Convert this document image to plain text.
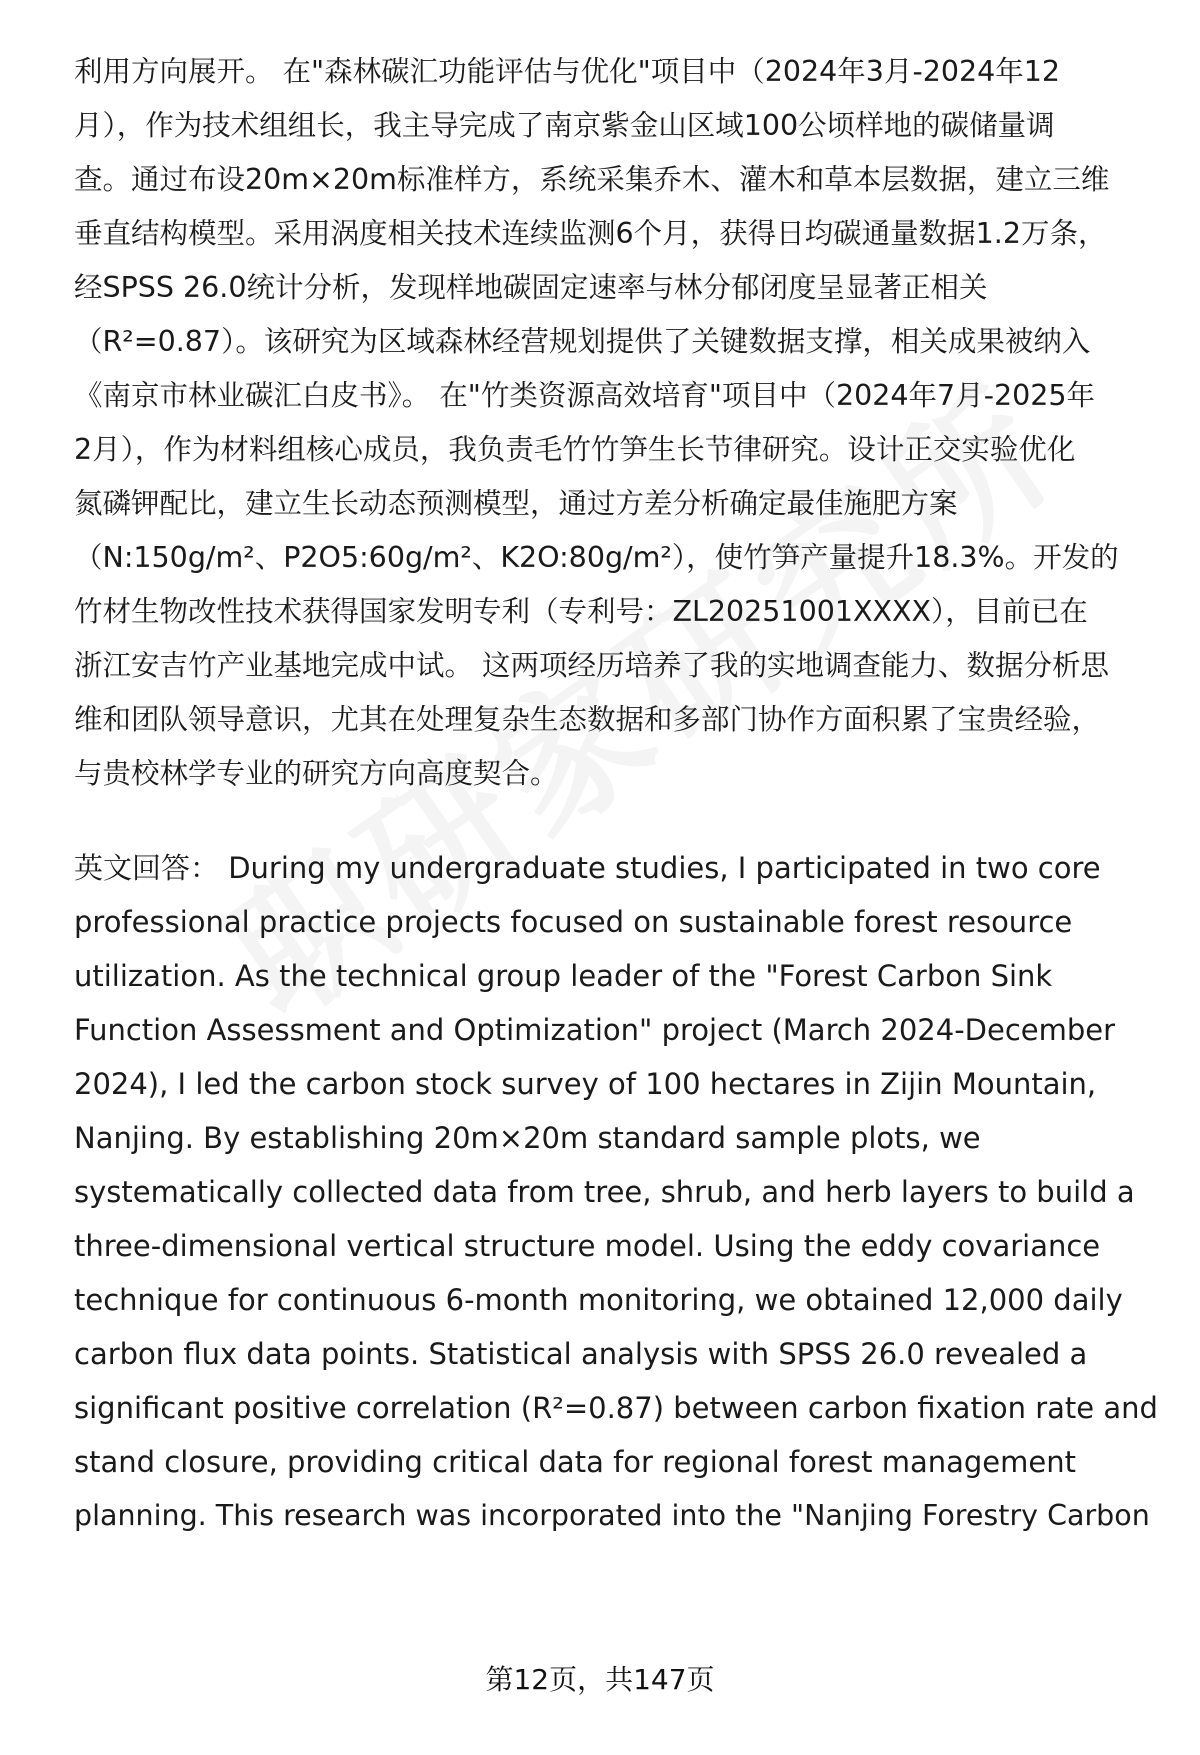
利用方向展开。 在"森林碳汇功能评估与优化"项目中（2024年3月-2024年12
月），作为技术组组长，我主导完成了南京紫金山区域100公顷样地的碳储量调
查。通过布设20m×20m标准样方，系统采集乔木、灌木和草本层数据，建立三维
垂直结构模型。采用涡度相关技术连续监测6个月，获得日均碳通量数据1.2万条，
经SPSS 26.0统计分析，发现样地碳固定速率与林分郁闭度呈显著正相关
（R²=0.87）。该研究为区域森林经营规划提供了关键数据支撑，相关成果被纳入
《南京市林业碳汇白皮书》。 在"竹类资源高效培育"项目中（2024年7月-2025年
2月），作为材料组核心成员，我负责毛竹竹笋生长节律研究。设计正交实验优化
氮磷钾配比，建立生长动态预测模型，通过方差分析确定最佳施肥方案
（N:150g/m²、P2O5:60g/m²、K2O:80g/m²），使竹笋产量提升18.3%。开发的
竹材生物改性技术获得国家发明专利（专利号：ZL20251001XXXX），目前已在
浙江安吉竹产业基地完成中试。 这两项经历培养了我的实地调查能力、数据分析思
维和团队领导意识，尤其在处理复杂生态数据和多部门协作方面积累了宝贵经验，
与贵校林学专业的研究方向高度契合。
英文回答： During my undergraduate studies, I participated in two core
professional practice projects focused on sustainable forest resource
utilization. As the technical group leader of the "Forest Carbon Sink
Function Assessment and Optimization" project (March 2024-December
2024), I led the carbon stock survey of 100 hectares in Zijin Mountain,
Nanjing. By establishing 20m×20m standard sample plots, we
systematically collected data from tree, shrub, and herb layers to build a
three-dimensional vertical structure model. Using the eddy covariance
technique for continuous 6-month monitoring, we obtained 12,000 daily
carbon flux data points. Statistical analysis with SPSS 26.0 revealed a
significant positive correlation (R²=0.87) between carbon fixation rate and
stand closure, providing critical data for regional forest management
planning. This research was incorporated into the "Nanjing Forestry Carbon
第12页，共147页
